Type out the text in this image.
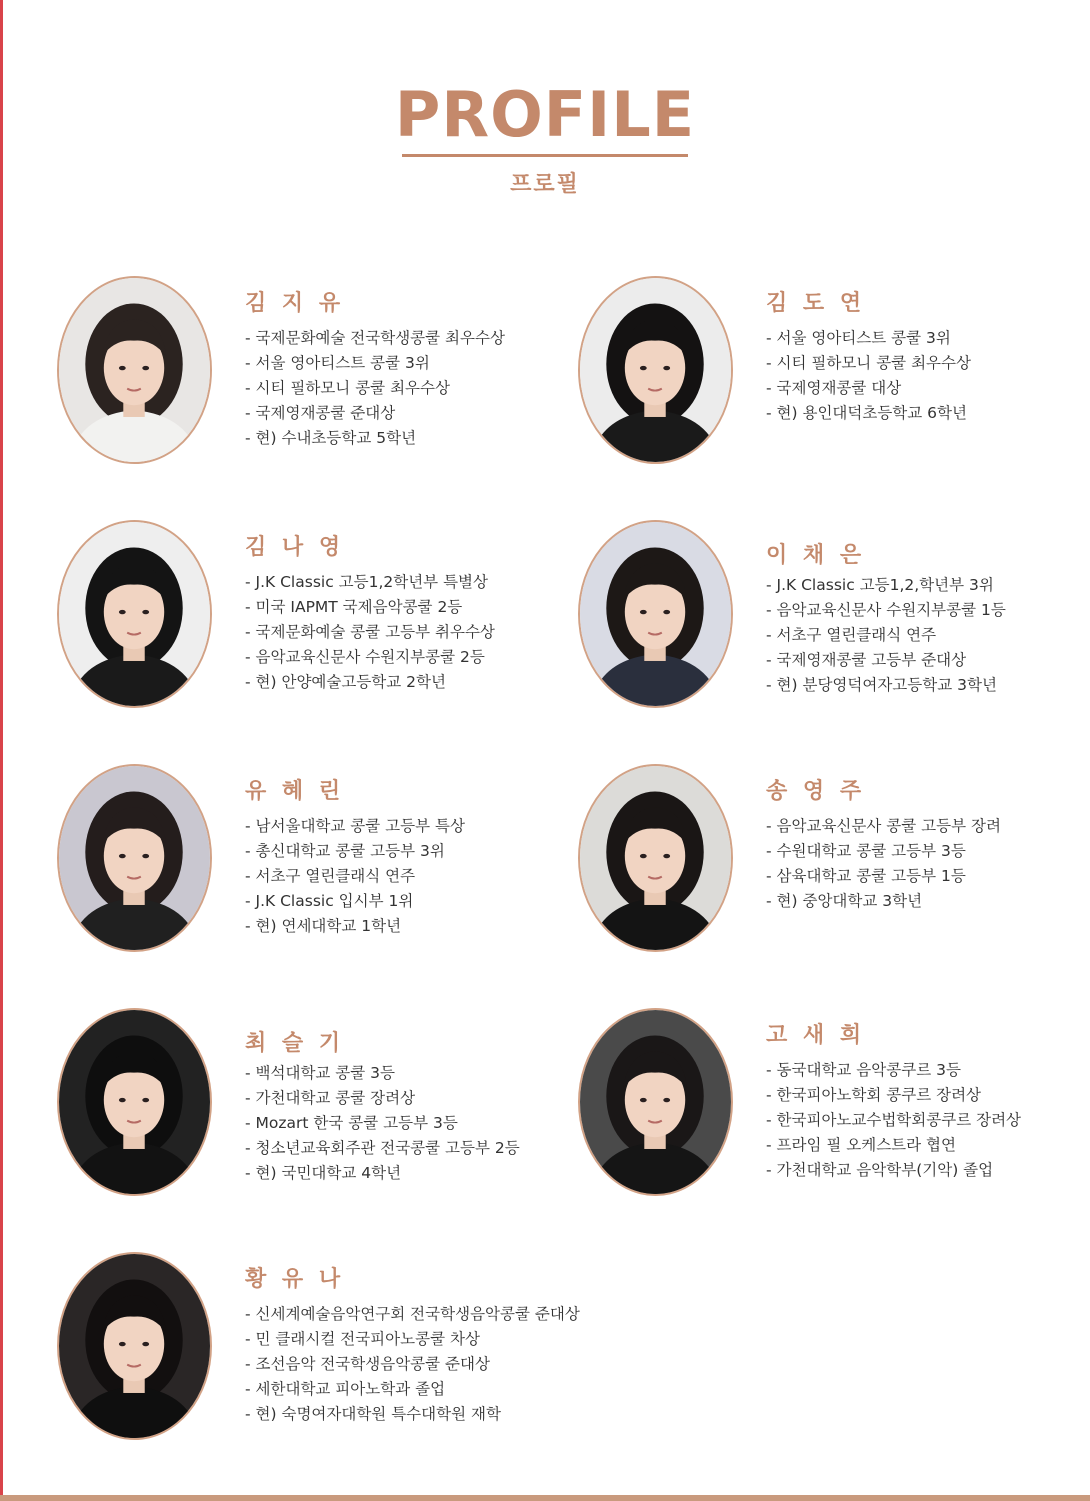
PROFILE
프로필
김 지 유
- 국제문화예술 전국학생콩쿨 최우수상
- 서울 영아티스트 콩쿨 3위
- 시티 필하모니 콩쿨 최우수상
- 국제영재콩쿨 준대상
- 현) 수내초등학교 5학년
김 도 연
- 서울 영아티스트 콩쿨 3위
- 시티 필하모니 콩쿨 최우수상
- 국제영재콩쿨 대상
- 현) 용인대덕초등학교 6학년
김 나 영
- J.K Classic 고등1,2학년부 특별상
- 미국 IAPMT 국제음악콩쿨 2등
- 국제문화예술 콩쿨 고등부 취우수상
- 음악교육신문사 수원지부콩쿨 2등
- 현) 안양예술고등학교 2학년
이 채 은
- J.K Classic 고등1,2,학년부 3위
- 음악교육신문사 수원지부콩쿨 1등
- 서초구 열린클래식 연주
- 국제영재콩쿨 고등부 준대상
- 현) 분당영덕여자고등학교 3학년
유 혜 린
- 남서울대학교 콩쿨 고등부 특상
- 총신대학교 콩쿨 고등부 3위
- 서초구 열린클래식 연주
- J.K Classic 입시부 1위
- 현) 연세대학교 1학년
송 영 주
- 음악교육신문사 콩쿨 고등부 장려
- 수원대학교 콩쿨 고등부 3등
- 삼육대학교 콩쿨 고등부 1등
- 현) 중앙대학교 3학년
최 슬 기
- 백석대학교 콩쿨 3등
- 가천대학교 콩쿨 장려상
- Mozart 한국 콩쿨 고등부 3등
- 청소년교육회주관 전국콩쿨 고등부 2등
- 현) 국민대학교 4학년
고 새 희
- 동국대학교 음악콩쿠르 3등
- 한국피아노학회 콩쿠르 장려상
- 한국피아노교수법학회콩쿠르 장려상
- 프라임 필 오케스트라 협연
- 가천대학교 음악학부(기악) 졸업
황 유 나
- 신세계예술음악연구회 전국학생음악콩쿨 준대상
- 민 클래시컬 전국피아노콩쿨 차상
- 조선음악 전국학생음악콩쿨 준대상
- 세한대학교 피아노학과 졸업
- 현) 숙명여자대학원 특수대학원 재학
